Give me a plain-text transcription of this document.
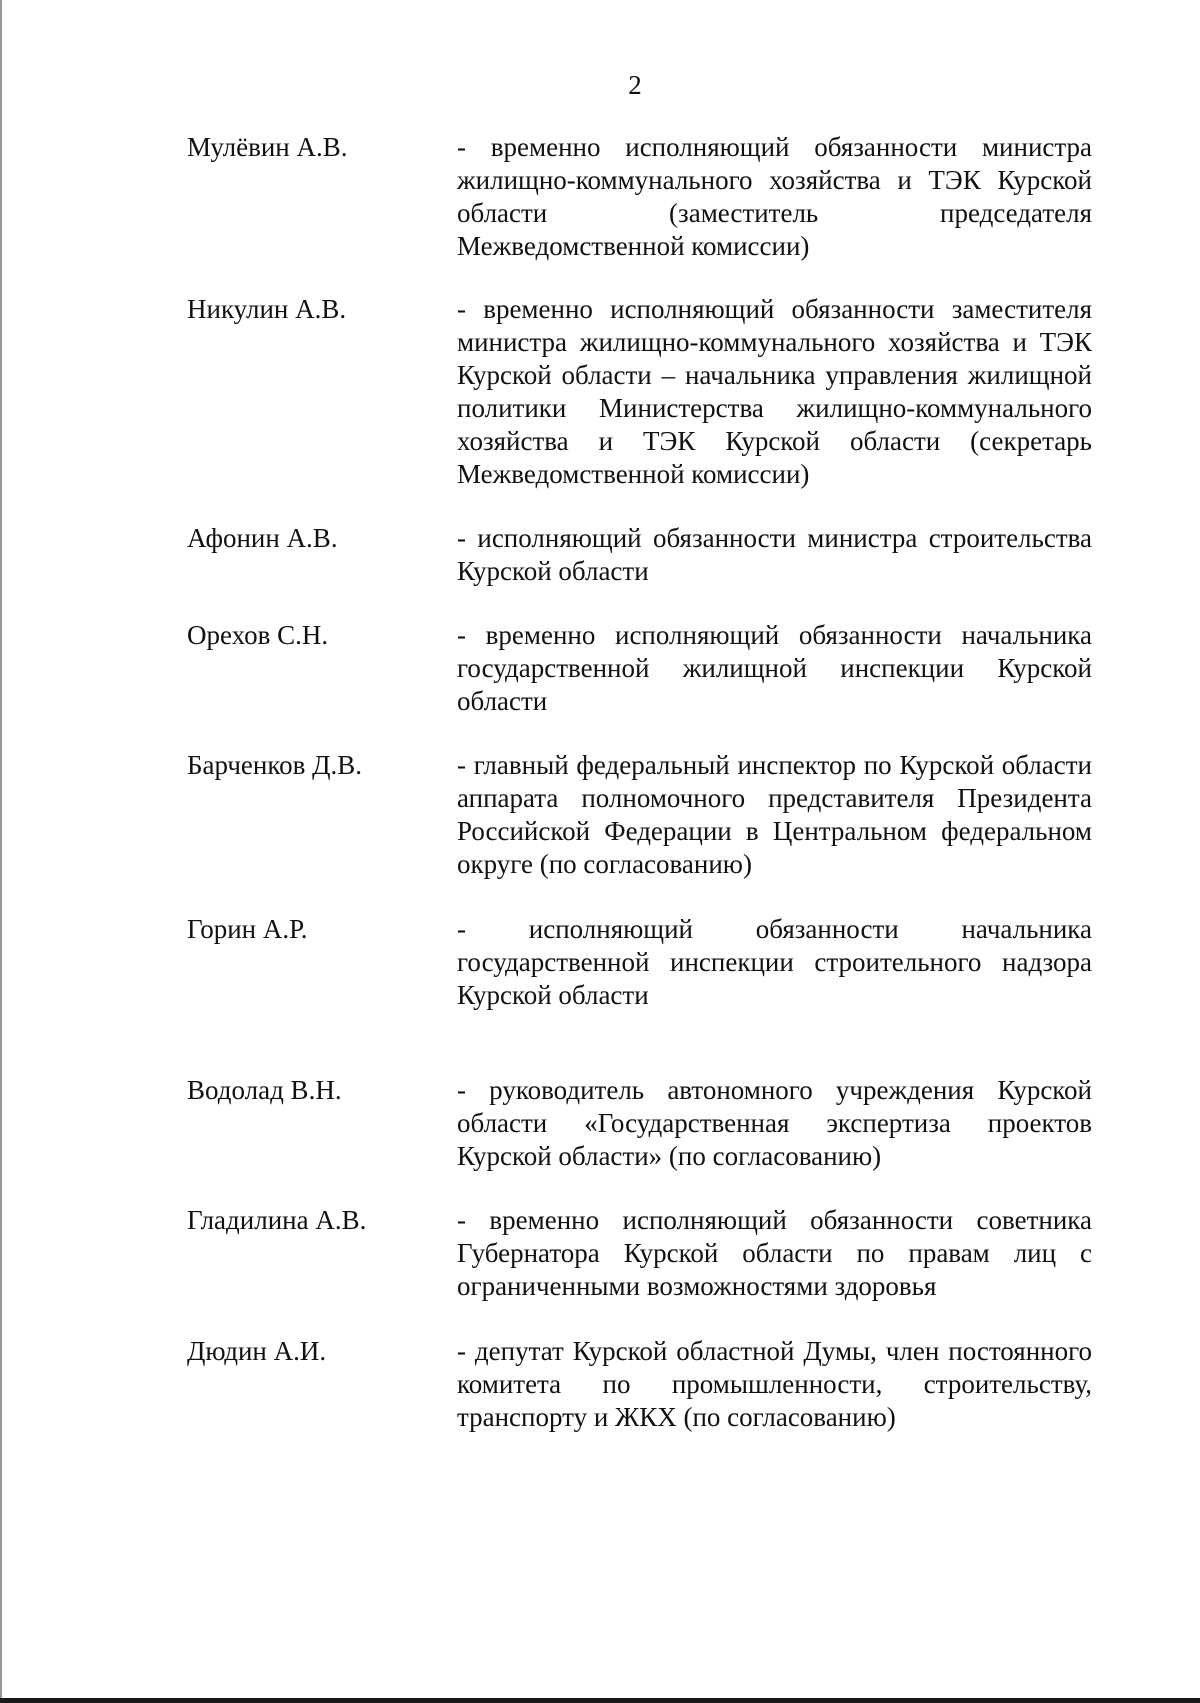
2
Мулёвин А.В.	- временно исполняющий обязанности министра жилищно-коммунального хозяйства и ТЭК Курской области (заместитель председателя Межведомственной комиссии)
Никулин А.В.	- временно исполняющий обязанности заместителя министра жилищно-коммунального хозяйства и ТЭК Курской области – начальника управления жилищной политики Министерства жилищно-коммунального хозяйства и ТЭК Курской области (секретарь Межведомственной комиссии)
Афонин А.В.	- исполняющий обязанности министра строительства Курской области
Орехов С.Н.	- временно исполняющий обязанности начальника государственной жилищной инспекции Курской области
Барченков Д.В.	- главный федеральный инспектор по Курской области аппарата полномочного представителя Президента Российской Федерации в Центральном федеральном округе (по согласованию)
Горин А.Р.	- исполняющий обязанности начальника государственной инспекции строительного надзора Курской области
Водолад В.Н.	- руководитель автономного учреждения Курской области «Государственная экспертиза проектов Курской области» (по согласованию)
Гладилина А.В.	- временно исполняющий обязанности советника Губернатора Курской области по правам лиц с ограниченными возможностями здоровья
Дюдин А.И.	- депутат Курской областной Думы, член постоянного комитета по промышленности, строительству, транспорту и ЖКХ (по согласованию)
